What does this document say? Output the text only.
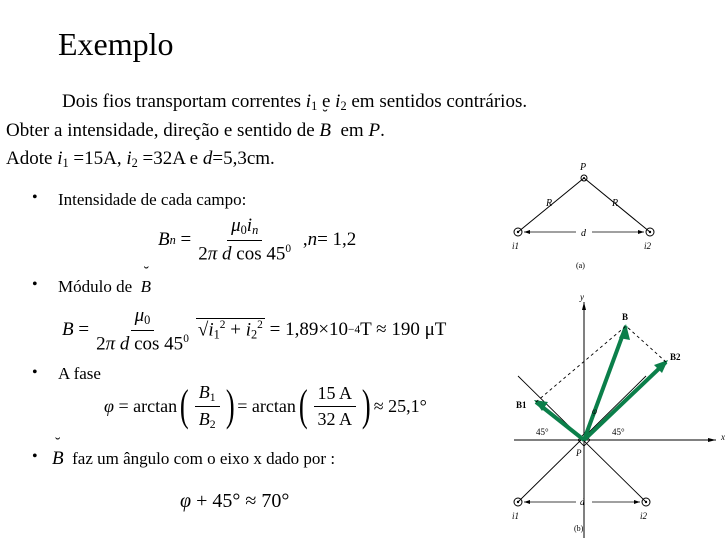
Exemplo
Dois fios transportam correntes $i_1$ e $i_2$ em sentidos contrários.
Obter a intensidade, direção e sentido de ˘ B  em P.
Adote $i_1 =15A$, $i_2 =32A$ e d=5,3cm.
• Intensidade de cada campo:
B $n = \frac{\mu_0i_n}{2\pi d \cos 45^0}$ , n = 1,2
• Módulo de ˘ B
$B = \frac{\mu_0}{2\pi d \cos 45^0} √i_1^2 + i_2^2 = 1,89\times 10 -4$ T ≈ 190 μT
• A fase
φ = arctan ( $\frac{B_1}{B_2}$ ) = arctan ( $\frac{15 A}{32 A}$ ) ≈ 25,1°
• ˘ B faz um ângulo com o eixo x dado por :
φ + 45° ≈ 70°
P
R	R
d
i1	i2
(a)
y
x
B
B2
B1
φ
45°	45°
P
d
i1	i2
(b)
